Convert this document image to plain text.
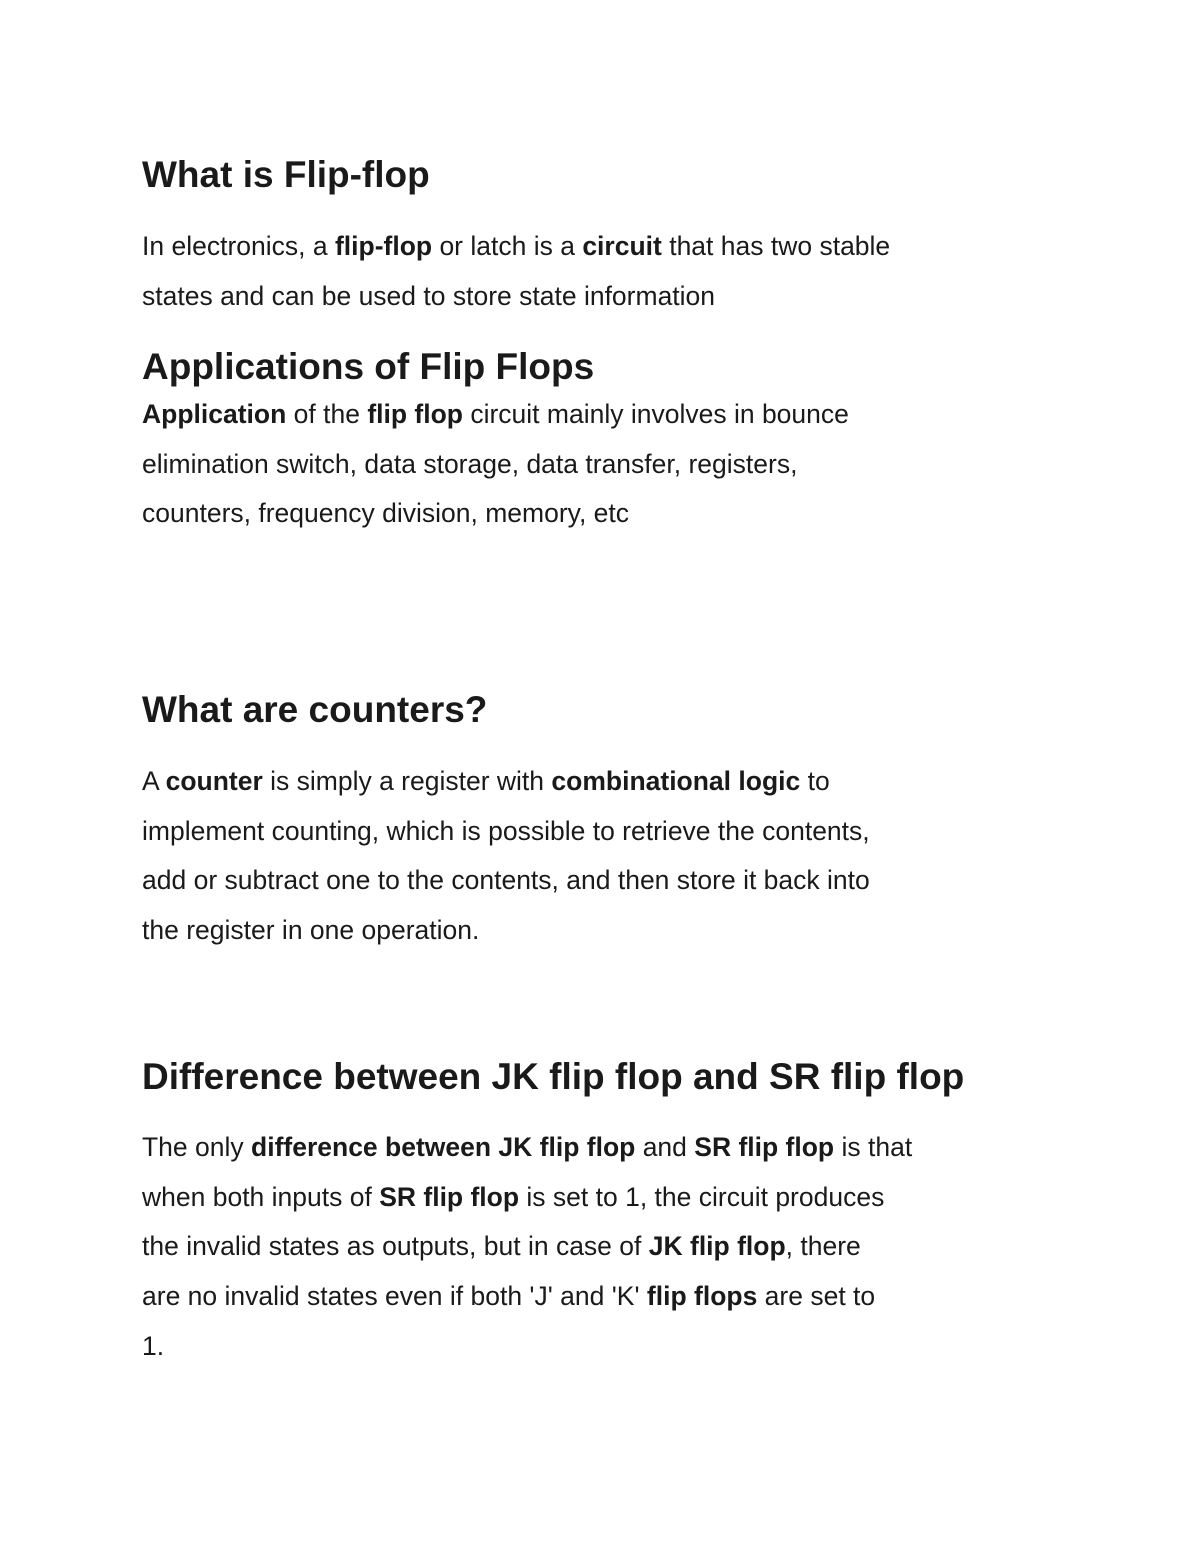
What is Flip-flop
In electronics, a flip-flop or latch is a circuit that has two stable
states and can be used to store state information
Applications of Flip Flops
Application of the flip flop circuit mainly involves in bounce
elimination switch, data storage, data transfer, registers,
counters, frequency division, memory, etc
What are counters?
A counter is simply a register with combinational logic to
implement counting, which is possible to retrieve the contents,
add or subtract one to the contents, and then store it back into
the register in one operation.
Difference between JK flip flop and SR flip flop
The only difference between JK flip flop and SR flip flop is that
when both inputs of SR flip flop is set to 1, the circuit produces
the invalid states as outputs, but in case of JK flip flop, there
are no invalid states even if both 'J' and 'K' flip flops are set to
1.
